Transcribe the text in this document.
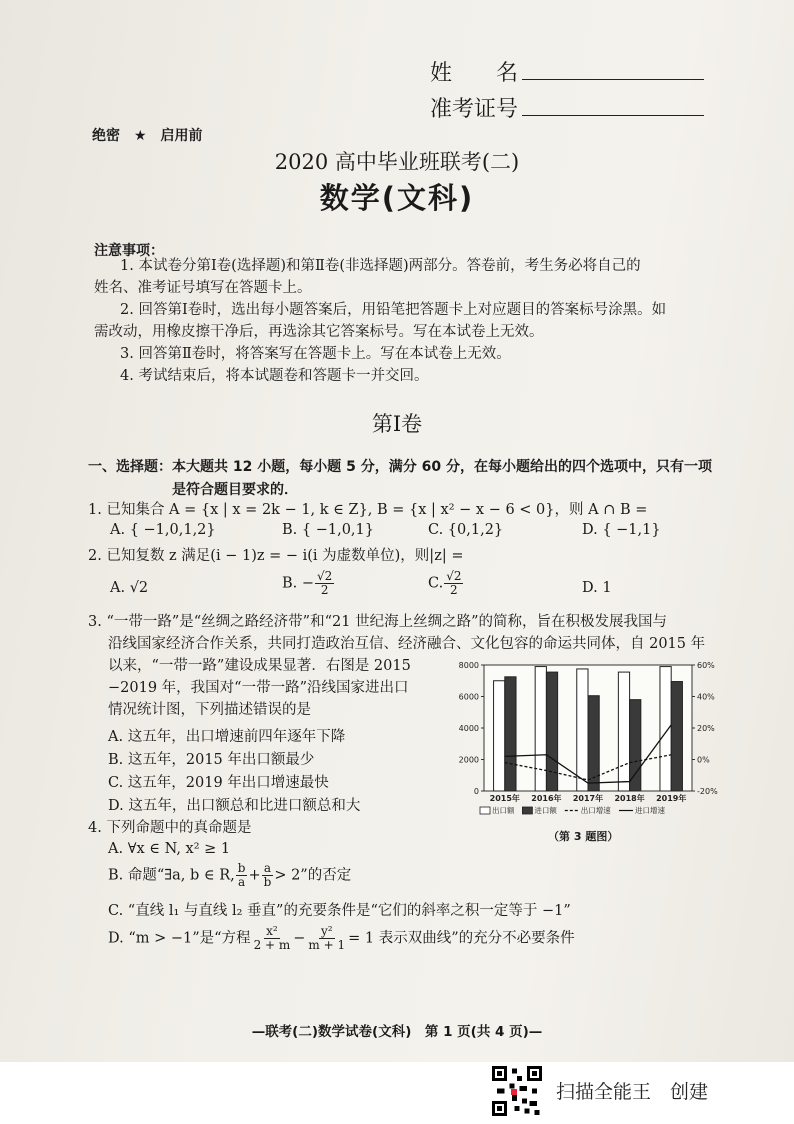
姓　　名
准考证号
绝密　★　启用前
2020 高中毕业班联考(二)
数学(文科)
注意事项：
1. 本试卷分第Ⅰ卷(选择题)和第Ⅱ卷(非选择题)两部分。答卷前，考生务必将自己的
姓名、准考证号填写在答题卡上。
2. 回答第Ⅰ卷时，选出每小题答案后，用铅笔把答题卡上对应题目的答案标号涂黑。如
需改动，用橡皮擦干净后，再选涂其它答案标号。写在本试卷上无效。
3. 回答第Ⅱ卷时，将答案写在答题卡上。写在本试卷上无效。
4. 考试结束后，将本试题卷和答题卡一并交回。
第Ⅰ卷
一、选择题：本大题共 12 小题，每小题 5 分，满分 60 分，在每小题给出的四个选项中，只有一项
是符合题目要求的．
1. 已知集合 A = {x | x = 2k − 1, k ∈ Z}, B = {x | x² − x − 6 < 0}，则 A ∩ B =
A. { −1,0,1,2}	B. { −1,0,1}	C. {0,1,2}	D. { −1,1}
2. 已知复数 z 满足(i − 1)z = − i(i 为虚数单位)，则|z| =
A. √2	B. − $\frac{√2}{2}$	C. $\frac{√2}{2}$	D. 1
3. “一带一路”是“丝绸之路经济带”和“21 世纪海上丝绸之路”的简称，旨在积极发展我国与
沿线国家经济合作关系，共同打造政治互信、经济融合、文化包容的命运共同体，自 2015 年
以来，“一带一路”建设成果显著．右图是 2015
−2019 年，我国对“一带一路”沿线国家进出口
情况统计图，下列描述错误的是
A. 这五年，出口增速前四年逐年下降
B. 这五年，2015 年出口额最少
C. 这五年，2019 年出口增速最快
D. 这五年，出口额总和比进口额总和大
0
2000
4000
6000
8000
-20%
0%
20%
40%
60%
2015年 2016年 2017年 2018年 2019年
出口额	进口额	出口增速	进口增速
（第 3 题图）
4. 下列命题中的真命题是
A. ∀x ∈ N, x² ≥ 1
B. 命题“∃a, b ∈ R, $\frac{b}{a} + \frac{a}{b} > 2$”的否定
C. “直线 l₁ 与直线 l₂ 垂直”的充要条件是“它们的斜率之积一定等于 −1”
D. “m > −1”是“方程 $\frac{\text{x²}}{2 + m} - \frac{\text{y²}}{m + 1} = 1$ 表示双曲线”的充分不必要条件
—联考(二)数学试卷(文科)　第 1 页(共 4 页)—
扫描全能王　创建
